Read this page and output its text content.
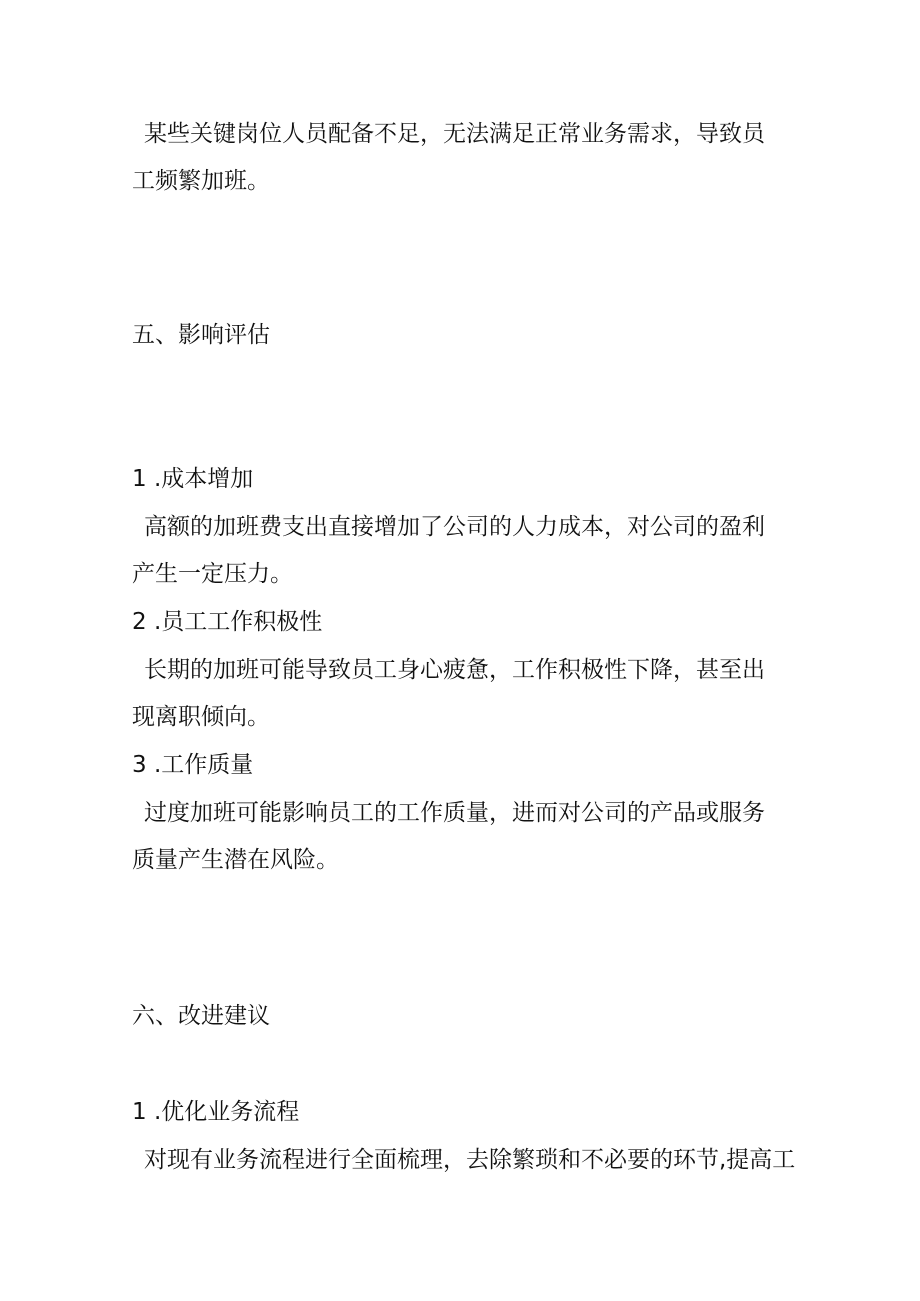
某些关键岗位人员配备不足，无法满足正常业务需求，导致员
工频繁加班。
五、影响评估
1 .成本增加
高额的加班费支出直接增加了公司的人力成本，对公司的盈利
产生一定压力。
2 .员工工作积极性
长期的加班可能导致员工身心疲惫，工作积极性下降，甚至出
现离职倾向。
3 .工作质量
过度加班可能影响员工的工作质量，进而对公司的产品或服务
质量产生潜在风险。
六、改进建议
1 .优化业务流程
对现有业务流程进行全面梳理，去除繁琐和不必要的环节,提高工
